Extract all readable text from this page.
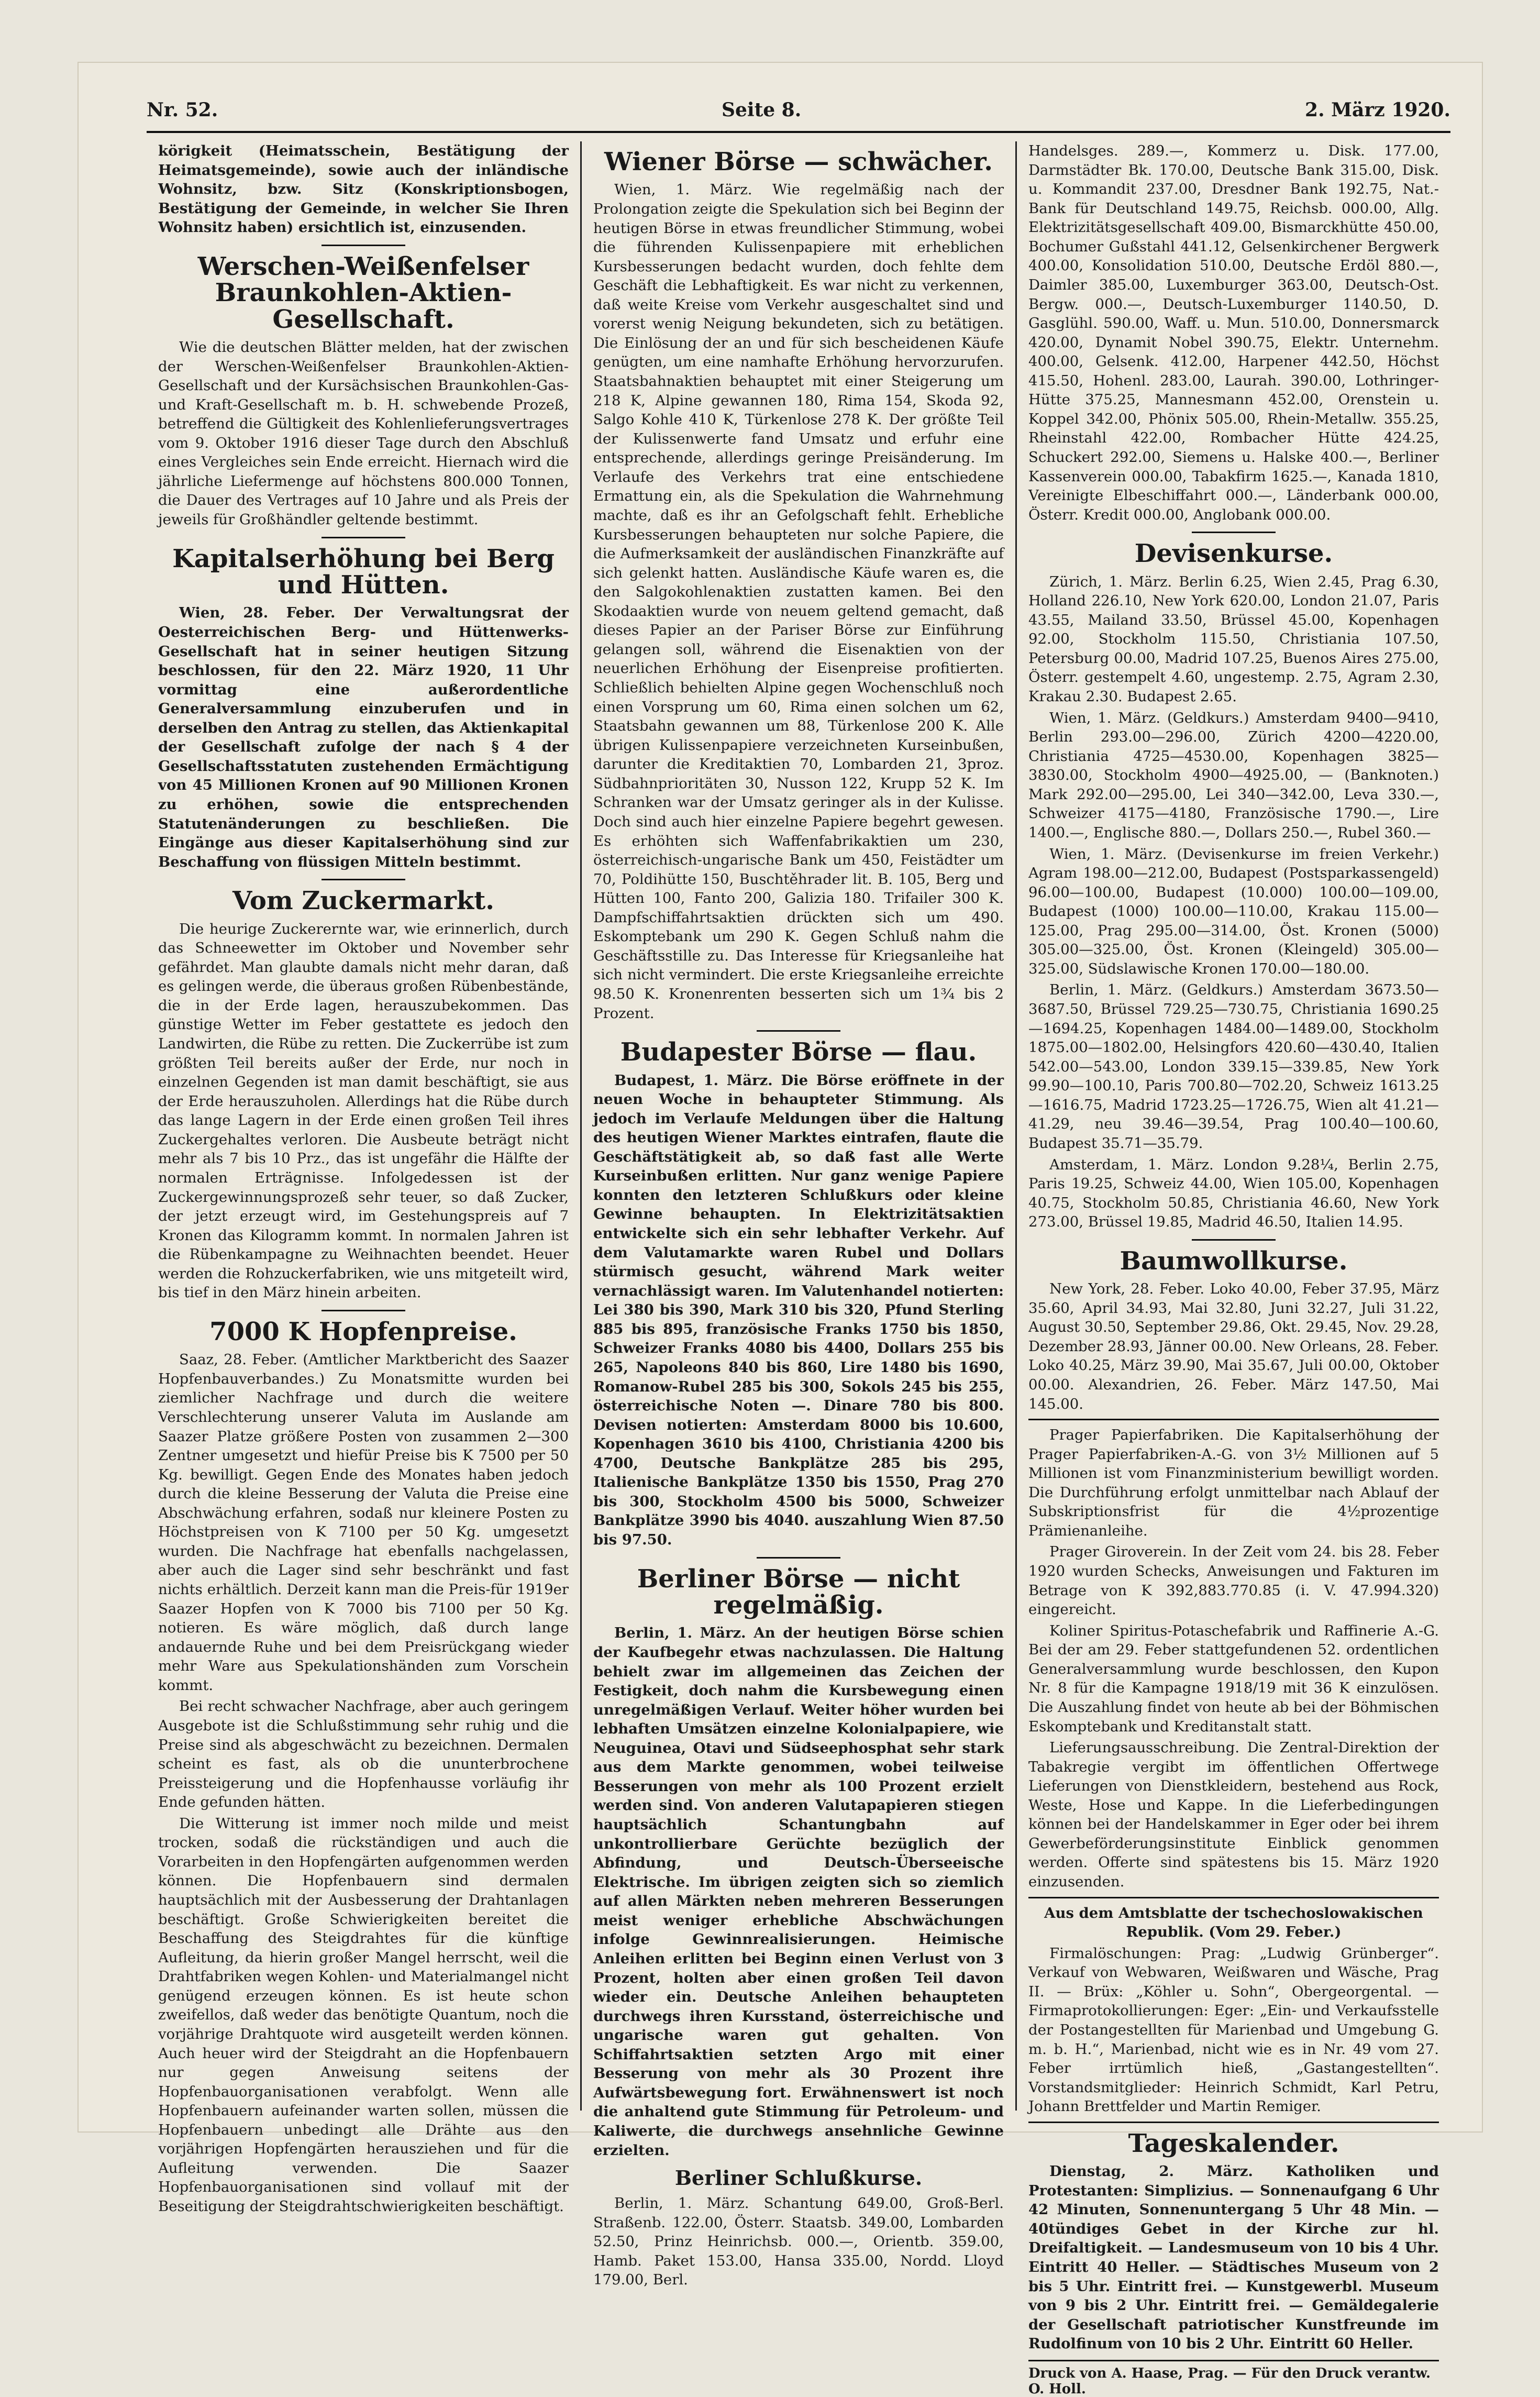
Nr. 52.	Seite 8.	2. März 1920.

körigkeit (Heimatsschein, Bestätigung der Heimatsgemeinde), sowie auch der inländische Wohnsitz, bzw. Sitz (Konskriptionsbogen, Bestätigung der Gemeinde, in welcher Sie Ihren Wohnsitz haben) ersichtlich ist, einzusenden.

Werschen-Weißenfelser Braunkohlen-Aktien-Gesellschaft.

Wie die deutschen Blätter melden, hat der zwischen der Werschen-Weißenfelser Braunkohlen-Aktien-Gesellschaft und der Kursächsischen Braunkohlen-Gas- und Kraft-Gesellschaft m. b. H. schwebende Prozeß, betreffend die Gültigkeit des Kohlenlieferungsvertrages vom 9. Oktober 1916 dieser Tage durch den Abschluß eines Vergleiches sein Ende erreicht. Hiernach wird die jährliche Liefermenge auf höchstens 800.000 Tonnen, die Dauer des Vertrages auf 10 Jahre und als Preis der jeweils für Großhändler geltende bestimmt.

Kapitalserhöhung bei Berg und Hütten.

Wien, 28. Feber. Der Verwaltungsrat der Oesterreichischen Berg- und Hüttenwerks-Gesellschaft hat in seiner heutigen Sitzung beschlossen, für den 22. März 1920, 11 Uhr vormittag eine außerordentliche Generalversammlung einzuberufen und in derselben den Antrag zu stellen, das Aktienkapital der Gesellschaft zufolge der nach § 4 der Gesellschaftsstatuten zustehenden Ermächtigung von 45 Millionen Kronen auf 90 Millionen Kronen zu erhöhen, sowie die entsprechenden Statutenänderungen zu beschließen. Die Eingänge aus dieser Kapitalserhöhung sind zur Beschaffung von flüssigen Mitteln bestimmt.

Vom Zuckermarkt.

Die heurige Zuckerernte war, wie erinnerlich, durch das Schneewetter im Oktober und November sehr gefährdet. Man glaubte damals nicht mehr daran, daß es gelingen werde, die überaus großen Rübenbestände, die in der Erde lagen, herauszubekommen. Das günstige Wetter im Feber gestattete es jedoch den Landwirten, die Rübe zu retten. Die Zuckerrübe ist zum größten Teil bereits außer der Erde, nur noch in einzelnen Gegenden ist man damit beschäftigt, sie aus der Erde herauszuholen. Allerdings hat die Rübe durch das lange Lagern in der Erde einen großen Teil ihres Zuckergehaltes verloren. Die Ausbeute beträgt nicht mehr als 7 bis 10 Prz., das ist ungefähr die Hälfte der normalen Erträgnisse. Infolgedessen ist der Zuckergewinnungsprozeß sehr teuer, so daß Zucker, der jetzt erzeugt wird, im Gestehungspreis auf 7 Kronen das Kilogramm kommt. In normalen Jahren ist die Rübenkampagne zu Weihnachten beendet. Heuer werden die Rohzuckerfabriken, wie uns mitgeteilt wird, bis tief in den März hinein arbeiten.

7000 K Hopfenpreise.

Saaz, 28. Feber. (Amtlicher Marktbericht des Saazer Hopfenbauverbandes.) Zu Monatsmitte wurden bei ziemlicher Nachfrage und durch die weitere Verschlechterung unserer Valuta im Auslande am Saazer Platze größere Posten von zusammen 2—300 Zentner umgesetzt und hiefür Preise bis K 7500 per 50 Kg. bewilligt. Gegen Ende des Monates haben jedoch durch die kleine Besserung der Valuta die Preise eine Abschwächung erfahren, sodaß nur kleinere Posten zu Höchstpreisen von K 7100 per 50 Kg. umgesetzt wurden. Die Nachfrage hat ebenfalls nachgelassen, aber auch die Lager sind sehr beschränkt und fast nichts erhältlich. Derzeit kann man die Preis-für 1919er Saazer Hopfen von K 7000 bis 7100 per 50 Kg. notieren. Es wäre möglich, daß durch lange andauernde Ruhe und bei dem Preisrückgang wieder mehr Ware aus Spekulationshänden zum Vorschein kommt.

Bei recht schwacher Nachfrage, aber auch geringem Ausgebote ist die Schlußstimmung sehr ruhig und die Preise sind als abgeschwächt zu bezeichnen. Dermalen scheint es fast, als ob die ununterbrochene Preissteigerung und die Hopfenhausse vorläufig ihr Ende gefunden hätten.

Die Witterung ist immer noch milde und meist trocken, sodaß die rückständigen und auch die Vorarbeiten in den Hopfengärten aufgenommen werden können. Die Hopfenbauern sind dermalen hauptsächlich mit der Ausbesserung der Drahtanlagen beschäftigt. Große Schwierigkeiten bereitet die Beschaffung des Steigdrahtes für die künftige Aufleitung, da hierin großer Mangel herrscht, weil die Drahtfabriken wegen Kohlen- und Materialmangel nicht genügend erzeugen können. Es ist heute schon zweifellos, daß weder das benötigte Quantum, noch die vorjährige Drahtquote wird ausgeteilt werden können. Auch heuer wird der Steigdraht an die Hopfenbauern nur gegen Anweisung seitens der Hopfenbauorganisationen verabfolgt. Wenn alle Hopfenbauern aufeinander warten sollen, müssen die Hopfenbauern unbedingt alle Drähte aus den vorjährigen Hopfengärten herausziehen und für die Aufleitung verwenden. Die Saazer Hopfenbauorganisationen sind vollauf mit der Beseitigung der Steigdrahtschwierigkeiten beschäftigt.

Wiener Börse — schwächer.

Wien, 1. März. Wie regelmäßig nach der Prolongation zeigte die Spekulation sich bei Beginn der heutigen Börse in etwas freundlicher Stimmung, wobei die führenden Kulissenpapiere mit erheblichen Kursbesserungen bedacht wurden, doch fehlte dem Geschäft die Lebhaftigkeit. Es war nicht zu verkennen, daß weite Kreise vom Verkehr ausgeschaltet sind und vorerst wenig Neigung bekundeten, sich zu betätigen. Die Einlösung der an und für sich bescheidenen Käufe genügten, um eine namhafte Erhöhung hervorzurufen. Staatsbahnaktien behauptet mit einer Steigerung um 218 K, Alpine gewannen 180, Rima 154, Skoda 92, Salgo Kohle 410 K, Türkenlose 278 K. Der größte Teil der Kulissenwerte fand Umsatz und erfuhr eine entsprechende, allerdings geringe Preisänderung. Im Verlaufe des Verkehrs trat eine entschiedene Ermattung ein, als die Spekulation die Wahrnehmung machte, daß es ihr an Gefolgschaft fehlt. Erhebliche Kursbesserungen behaupteten nur solche Papiere, die die Aufmerksamkeit der ausländischen Finanzkräfte auf sich gelenkt hatten. Ausländische Käufe waren es, die den Salgokohlenaktien zustatten kamen. Bei den Skodaaktien wurde von neuem geltend gemacht, daß dieses Papier an der Pariser Börse zur Einführung gelangen soll, während die Eisenaktien von der neuerlichen Erhöhung der Eisenpreise profitierten. Schließlich behielten Alpine gegen Wochenschluß noch einen Vorsprung um 60, Rima einen solchen um 62, Staatsbahn gewannen um 88, Türkenlose 200 K. Alle übrigen Kulissenpapiere verzeichneten Kurseinbußen, darunter die Kreditaktien 70, Lombarden 21, 3proz. Südbahnprioritäten 30, Nusson 122, Krupp 52 K. Im Schranken war der Umsatz geringer als in der Kulisse. Doch sind auch hier einzelne Papiere begehrt gewesen. Es erhöhten sich Waffenfabrikaktien um 230, österreichisch-ungarische Bank um 450, Feistädter um 70, Poldihütte 150, Buschtěhrader lit. B. 105, Berg und Hütten 100, Fanto 200, Galizia 180. Trifailer 300 K. Dampfschiffahrtsaktien drückten sich um 490. Eskomptebank um 290 K. Gegen Schluß nahm die Geschäftsstille zu. Das Interesse für Kriegsanleihe hat sich nicht vermindert. Die erste Kriegsanleihe erreichte 98.50 K. Kronenrenten besserten sich um 1¾ bis 2 Prozent.

Budapester Börse — flau.

Budapest, 1. März. Die Börse eröffnete in der neuen Woche in behaupteter Stimmung. Als jedoch im Verlaufe Meldungen über die Haltung des heutigen Wiener Marktes eintrafen, flaute die Geschäftstätigkeit ab, so daß fast alle Werte Kurseinbußen erlitten. Nur ganz wenige Papiere konnten den letzteren Schlußkurs oder kleine Gewinne behaupten. In Elektrizitätsaktien entwickelte sich ein sehr lebhafter Verkehr. Auf dem Valutamarkte waren Rubel und Dollars stürmisch gesucht, während Mark weiter vernachlässigt waren. Im Valutenhandel notierten: Lei 380 bis 390, Mark 310 bis 320, Pfund Sterling 885 bis 895, französische Franks 1750 bis 1850, Schweizer Franks 4080 bis 4400, Dollars 255 bis 265, Napoleons 840 bis 860, Lire 1480 bis 1690, Romanow-Rubel 285 bis 300, Sokols 245 bis 255, österreichische Noten —. Dinare 780 bis 800. Devisen notierten: Amsterdam 8000 bis 10.600, Kopenhagen 3610 bis 4100, Christiania 4200 bis 4700, Deutsche Bankplätze 285 bis 295, Italienische Bankplätze 1350 bis 1550, Prag 270 bis 300, Stockholm 4500 bis 5000, Schweizer Bankplätze 3990 bis 4040. auszahlung Wien 87.50 bis 97.50.

Berliner Börse — nicht regelmäßig.

Berlin, 1. März. An der heutigen Börse schien der Kaufbegehr etwas nachzulassen. Die Haltung behielt zwar im allgemeinen das Zeichen der Festigkeit, doch nahm die Kursbewegung einen unregelmäßigen Verlauf. Weiter höher wurden bei lebhaften Umsätzen einzelne Kolonialpapiere, wie Neuguinea, Otavi und Südseephosphat sehr stark aus dem Markte genommen, wobei teilweise Besserungen von mehr als 100 Prozent erzielt werden sind. Von anderen Valutapapieren stiegen hauptsächlich Schantungbahn auf unkontrollierbare Gerüchte bezüglich der Abfindung, und Deutsch-Überseeische Elektrische. Im übrigen zeigten sich so ziemlich auf allen Märkten neben mehreren Besserungen meist weniger erhebliche Abschwächungen infolge Gewinnrealisierungen. Heimische Anleihen erlitten bei Beginn einen Verlust von 3 Prozent, holten aber einen großen Teil davon wieder ein. Deutsche Anleihen behaupteten durchwegs ihren Kursstand, österreichische und ungarische waren gut gehalten. Von Schiffahrtsaktien setzten Argo mit einer Besserung von mehr als 30 Prozent ihre Aufwärtsbewegung fort. Erwähnenswert ist noch die anhaltend gute Stimmung für Petroleum- und Kaliwerte, die durchwegs ansehnliche Gewinne erzielten.

Berliner Schlußkurse.

Berlin, 1. März. Schantung 649.00, Groß-Berl. Straßenb. 122.00, Österr. Staatsb. 349.00, Lombarden 52.50, Prinz Heinrichsb. 000.—, Orientb. 359.00, Hamb. Paket 153.00, Hansa 335.00, Nordd. Lloyd 179.00, Berl.

Handelsges. 289.—, Kommerz u. Disk. 177.00, Darmstädter Bk. 170.00, Deutsche Bank 315.00, Disk. u. Kommandit 237.00, Dresdner Bank 192.75, Nat.-Bank für Deutschland 149.75, Reichsb. 000.00, Allg. Elektrizitätsgesellschaft 409.00, Bismarckhütte 450.00, Bochumer Gußstahl 441.12, Gelsenkirchener Bergwerk 400.00, Konsolidation 510.00, Deutsche Erdöl 880.—, Daimler 385.00, Luxemburger 363.00, Deutsch-Ost. Bergw. 000.—, Deutsch-Luxemburger 1140.50, D. Gasglühl. 590.00, Waff. u. Mun. 510.00, Donnersmarck 420.00, Dynamit Nobel 390.75, Elektr. Unternehm. 400.00, Gelsenk. 412.00, Harpener 442.50, Höchst 415.50, Hohenl. 283.00, Laurah. 390.00, Lothringer-Hütte 375.25, Mannesmann 452.00, Orenstein u. Koppel 342.00, Phönix 505.00, Rhein-Metallw. 355.25, Rheinstahl 422.00, Rombacher Hütte 424.25, Schuckert 292.00, Siemens u. Halske 400.—, Berliner Kassenverein 000.00, Tabakfirm 1625.—, Kanada 1810, Vereinigte Elbeschiffahrt 000.—, Länderbank 000.00, Österr. Kredit 000.00, Anglobank 000.00.

Devisenkurse.

Zürich, 1. März. Berlin 6.25, Wien 2.45, Prag 6.30, Holland 226.10, New York 620.00, London 21.07, Paris 43.55, Mailand 33.50, Brüssel 45.00, Kopenhagen 92.00, Stockholm 115.50, Christiania 107.50, Petersburg 00.00, Madrid 107.25, Buenos Aires 275.00, Österr. gestempelt 4.60, ungestemp. 2.75, Agram 2.30, Krakau 2.30. Budapest 2.65.

Wien, 1. März. (Geldkurs.) Amsterdam 9400—9410, Berlin 293.00—296.00, Zürich 4200—4220.00, Christiania 4725—4530.00, Kopenhagen 3825—3830.00, Stockholm 4900—4925.00, — (Banknoten.) Mark 292.00—295.00, Lei 340—342.00, Leva 330.—, Schweizer 4175—4180, Französische 1790.—, Lire 1400.—, Englische 880.—, Dollars 250.—, Rubel 360.—

Wien, 1. März. (Devisenkurse im freien Verkehr.) Agram 198.00—212.00, Budapest (Postsparkassengeld) 96.00—100.00, Budapest (10.000) 100.00—109.00, Budapest (1000) 100.00—110.00, Krakau 115.00—125.00, Prag 295.00—314.00, Öst. Kronen (5000) 305.00—325.00, Öst. Kronen (Kleingeld) 305.00—325.00, Südslawische Kronen 170.00—180.00.

Berlin, 1. März. (Geldkurs.) Amsterdam 3673.50—3687.50, Brüssel 729.25—730.75, Christiania 1690.25—1694.25, Kopenhagen 1484.00—1489.00, Stockholm 1875.00—1802.00, Helsingfors 420.60—430.40, Italien 542.00—543.00, London 339.15—339.85, New York 99.90—100.10, Paris 700.80—702.20, Schweiz 1613.25—1616.75, Madrid 1723.25—1726.75, Wien alt 41.21—41.29, neu 39.46—39.54, Prag 100.40—100.60, Budapest 35.71—35.79.

Amsterdam, 1. März. London 9.28¼, Berlin 2.75, Paris 19.25, Schweiz 44.00, Wien 105.00, Kopenhagen 40.75, Stockholm 50.85, Christiania 46.60, New York 273.00, Brüssel 19.85, Madrid 46.50, Italien 14.95.

Baumwollkurse.

New York, 28. Feber. Loko 40.00, Feber 37.95, März 35.60, April 34.93, Mai 32.80, Juni 32.27, Juli 31.22, August 30.50, September 29.86, Okt. 29.45, Nov. 29.28, Dezember 28.93, Jänner 00.00. New Orleans, 28. Feber. Loko 40.25, März 39.90, Mai 35.67, Juli 00.00, Oktober 00.00. Alexandrien, 26. Feber. März 147.50, Mai 145.00.

Prager Papierfabriken. Die Kapitalserhöhung der Prager Papierfabriken-A.-G. von 3½ Millionen auf 5 Millionen ist vom Finanzministerium bewilligt worden. Die Durchführung erfolgt unmittelbar nach Ablauf der Subskriptionsfrist für die 4½prozentige Prämienanleihe.

Prager Giroverein. In der Zeit vom 24. bis 28. Feber 1920 wurden Schecks, Anweisungen und Fakturen im Betrage von K 392,883.770.85 (i. V. 47.994.320) eingereicht.

Koliner Spiritus-Potaschefabrik und Raffinerie A.-G. Bei der am 29. Feber stattgefundenen 52. ordentlichen Generalversammlung wurde beschlossen, den Kupon Nr. 8 für die Kampagne 1918/19 mit 36 K einzulösen. Die Auszahlung findet von heute ab bei der Böhmischen Eskomptebank und Kreditanstalt statt.

Lieferungsausschreibung. Die Zentral-Direktion der Tabakregie vergibt im öffentlichen Offertwege Lieferungen von Dienstkleidern, bestehend aus Rock, Weste, Hose und Kappe. In die Lieferbedingungen können bei der Handelskammer in Eger oder bei ihrem Gewerbeförderungsinstitute Einblick genommen werden. Offerte sind spätestens bis 15. März 1920 einzusenden.

Aus dem Amtsblatte der tschechoslowakischen Republik. (Vom 29. Feber.)

Firmalöschungen: Prag: „Ludwig Grünberger“. Verkauf von Webwaren, Weißwaren und Wäsche, Prag II. — Brüx: „Köhler u. Sohn“, Obergeorgental. — Firmaprotokollierungen: Eger: „Ein- und Verkaufsstelle der Postangestellten für Marienbad und Umgebung G. m. b. H.“, Marienbad, nicht wie es in Nr. 49 vom 27. Feber irrtümlich hieß, „Gastangestellten“. Vorstandsmitglieder: Heinrich Schmidt, Karl Petru, Johann Brettfelder und Martin Remiger.

Tageskalender.

Dienstag, 2. März. Katholiken und Protestanten: Simplizius. — Sonnenaufgang 6 Uhr 42 Minuten, Sonnenuntergang 5 Uhr 48 Min. — 40tündiges Gebet in der Kirche zur hl. Dreifaltigkeit. — Landesmuseum von 10 bis 4 Uhr. Eintritt 40 Heller. — Städtisches Museum von 2 bis 5 Uhr. Eintritt frei. — Kunstgewerbl. Museum von 9 bis 2 Uhr. Eintritt frei. — Gemäldegalerie der Gesellschaft patriotischer Kunstfreunde im Rudolfinum von 10 bis 2 Uhr. Eintritt 60 Heller.

Druck von A. Haase, Prag. — Für den Druck verantw. O. Holl.
